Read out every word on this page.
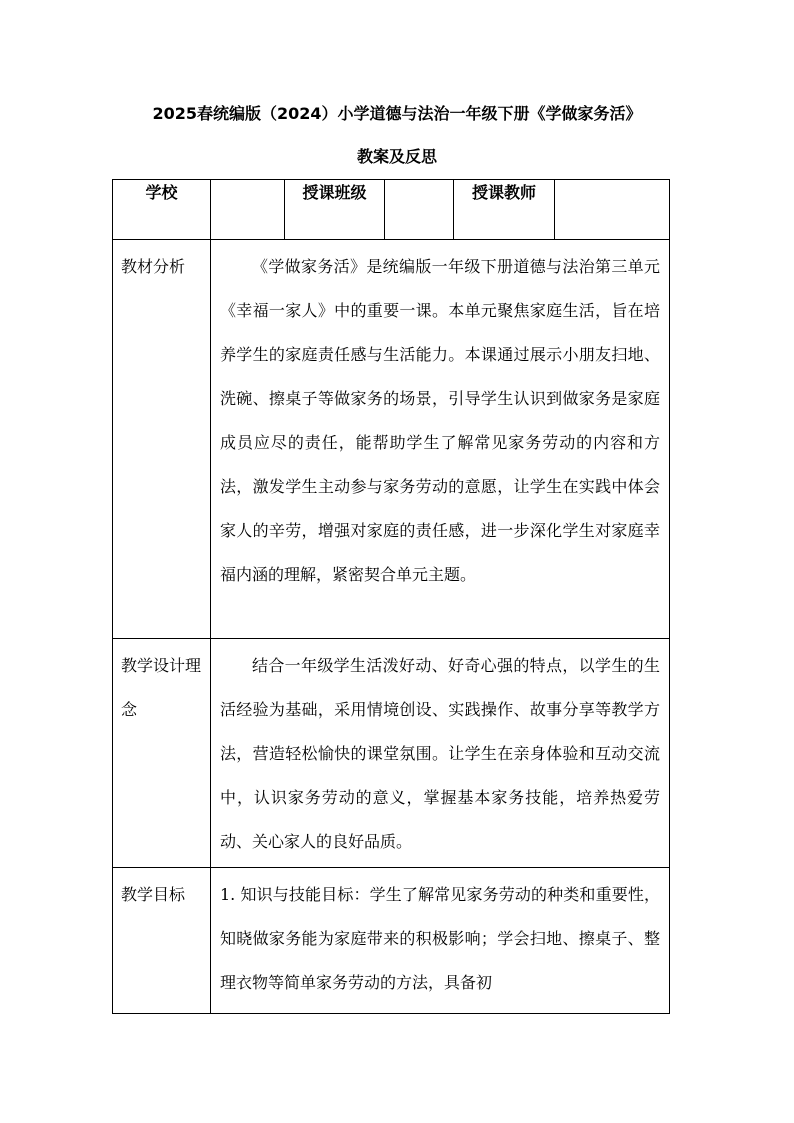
2025春统编版（2024）小学道德与法治一年级下册《学做家务活》
教案及反思
学校		授课班级		授课教师	
教材分析	《学做家务活》是统编版一年级下册道德与法治第三单元《幸福一家人》中的重要一课。本单元聚焦家庭生活，旨在培养学生的家庭责任感与生活能力。本课通过展示小朋友扫地、洗碗、擦桌子等做家务的场景，引导学生认识到做家务是家庭成员应尽的责任，能帮助学生了解常见家务劳动的内容和方法，激发学生主动参与家务劳动的意愿，让学生在实践中体会家人的辛劳，增强对家庭的责任感，进一步深化学生对家庭幸福内涵的理解，紧密契合单元主题。				
教学设计理念	结合一年级学生活泼好动、好奇心强的特点，以学生的生活经验为基础，采用情境创设、实践操作、故事分享等教学方法，营造轻松愉快的课堂氛围。让学生在亲身体验和互动交流中，认识家务劳动的意义，掌握基本家务技能，培养热爱劳动、关心家人的良好品质。				
教学目标	1. 知识与技能目标：学生了解常见家务劳动的种类和重要性，知晓做家务能为家庭带来的积极影响；学会扫地、擦桌子、整理衣物等简单家务劳动的方法，具备初				
